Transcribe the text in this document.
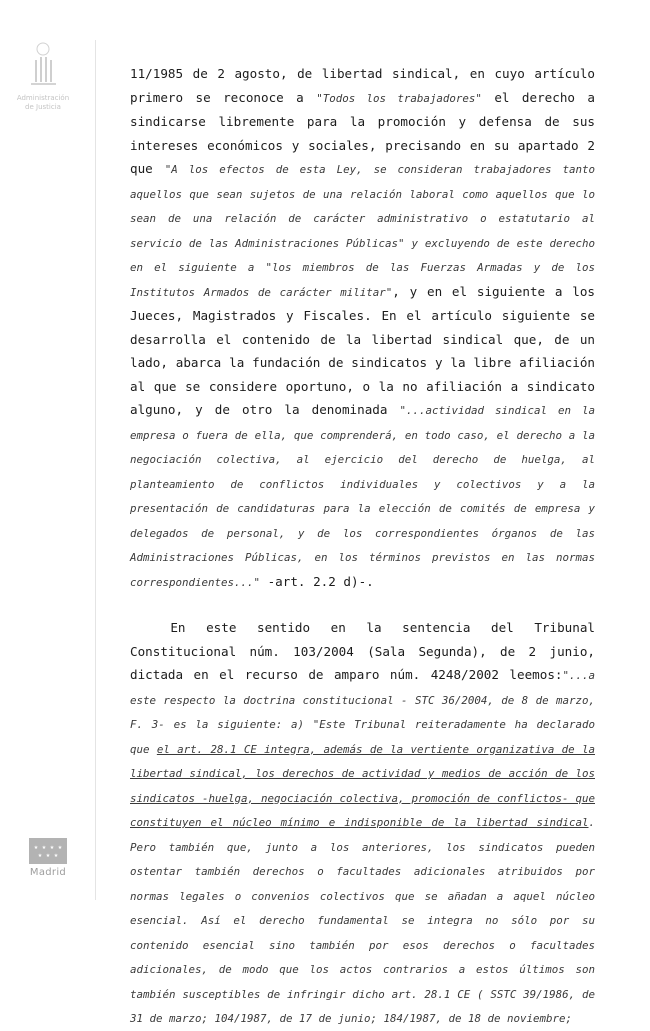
Administración de Justicia
★ ★ ★ ★
★ ★ ★
Madrid

11/1985 de 2 agosto, de libertad sindical, en cuyo artículo primero se reconoce a "Todos los trabajadores" el derecho a sindicarse libremente para la promoción y defensa de sus intereses económicos y sociales, precisando en su apartado 2 que "A los efectos de esta Ley, se consideran trabajadores tanto aquellos que sean sujetos de una relación laboral como aquellos que lo sean de una relación de carácter administrativo o estatutario al servicio de las Administraciones Públicas" y excluyendo de este derecho en el siguiente a "los miembros de las Fuerzas Armadas y de los Institutos Armados de carácter militar", y en el siguiente a los Jueces, Magistrados y Fiscales. En el artículo siguiente se desarrolla el contenido de la libertad sindical que, de un lado, abarca la fundación de sindicatos y la libre afiliación al que se considere oportuno, o la no afiliación a sindicato alguno, y de otro la denominada "...actividad sindical en la empresa o fuera de ella, que comprenderá, en todo caso, el derecho a la negociación colectiva, al ejercicio del derecho de huelga, al planteamiento de conflictos individuales y colectivos y a la presentación de candidaturas para la elección de comités de empresa y delegados de personal, y de los correspondientes órganos de las Administraciones Públicas, en los términos previstos en las normas correspondientes..." -art. 2.2 d)-.

En este sentido en la sentencia del Tribunal Constitucional núm. 103/2004 (Sala Segunda), de 2 junio, dictada en el recurso de amparo núm. 4248/2002 leemos:"...a este respecto la doctrina constitucional - STC 36/2004, de 8 de marzo, F. 3- es la siguiente: a) "Este Tribunal reiteradamente ha declarado que el art. 28.1 CE integra, además de la vertiente organizativa de la libertad sindical, los derechos de actividad y medios de acción de los sindicatos -huelga, negociación colectiva, promoción de conflictos- que constituyen el núcleo mínimo e indisponible de la libertad sindical. Pero también que, junto a los anteriores, los sindicatos pueden ostentar también derechos o facultades adicionales atribuidos por normas legales o convenios colectivos que se añadan a aquel núcleo esencial. Así el derecho fundamental se integra no sólo por su contenido esencial sino también por esos derechos o facultades adicionales, de modo que los actos contrarios a estos últimos son también susceptibles de infringir dicho art. 28.1 CE ( SSTC 39/1986, de 31 de marzo; 104/1987, de 17 de junio; 184/1987, de 18 de noviembre;
